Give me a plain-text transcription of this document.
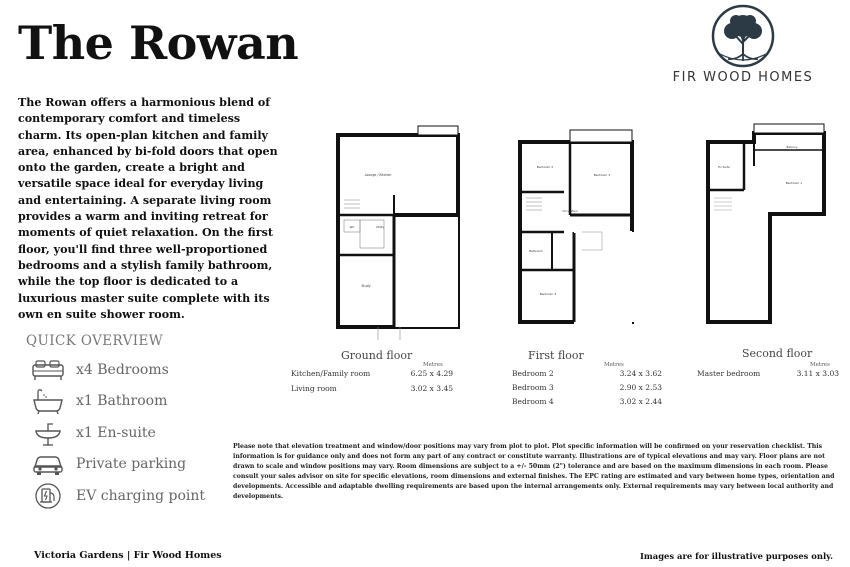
The Rowan
FIR WOOD HOMES

The Rowan offers a harmonious blend of contemporary comfort and timeless charm. Its open-plan kitchen and family area, enhanced by bi-fold doors that open onto the garden, create a bright and versatile space ideal for everyday living and entertaining. A separate living room provides a warm and inviting retreat for moments of quiet relaxation. On the first floor, you'll find three well-proportioned bedrooms and a stylish family bathroom, while the top floor is dedicated to a luxurious master suite complete with its own en suite shower room.

QUICK OVERVIEW
x4 Bedrooms
x1 Bathroom
x1 En-suite
Private parking
EV charging point
Lounge / Kitchen
Study
WC	Utility
Bedroom 2
Bedroom 3
Bedroom 4
Bathroom
Circulation
En Suite
Bedroom 1
Balcony
Ground floor
Metres
Kitchen/Family room	6.25 x 4.29
Living room	3.02 x 3.45
First floor
Metres
Bedroom 2	3.24 x 3.62
Bedroom 3	2.90 x 2.53
Bedroom 4	3.02 x 2.44
Second floor
Metres
Master bedroom	3.11 x 3.03

Please note that elevation treatment and window/door positions may vary from plot to plot. Plot specific information will be confirmed on your reservation checklist. This information is for guidance only and does not form any part of any contract or constitute warranty. Illustrations are of typical elevations and may vary. Floor plans are not drawn to scale and window positions may vary. Room dimensions are subject to a +/- 50mm (2") tolerance and are based on the maximum dimensions in each room. Please consult your sales advisor on site for specific elevations, room dimensions and external finishes. The EPC rating are estimated and vary between home types, orientation and developments. Accessible and adaptable dwelling requirements are based upon the internal arrangements only. External requirements may vary between local authority and developments.

Victoria Gardens | Fir Wood Homes	Images are for illustrative purposes only.
